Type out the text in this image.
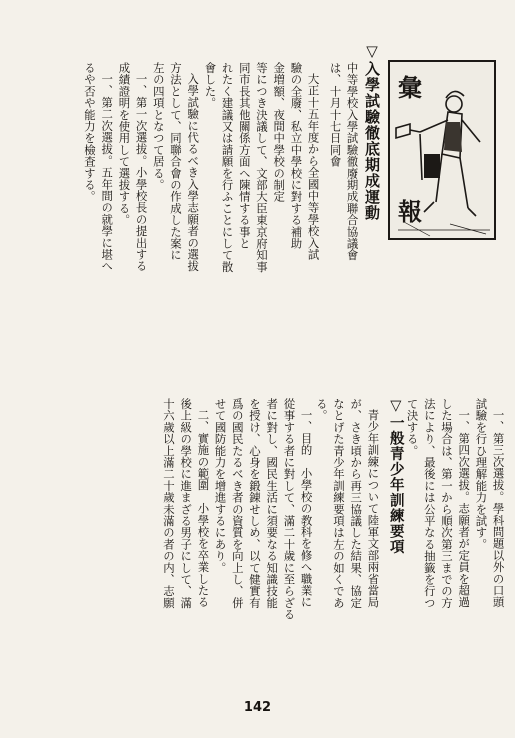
彙
報
142
▽入學試驗徹底期成運動
中等學校入學試驗徹廢期成聯合協議會
は、十月十七日同會
大正十五年度から全國中等學校入試
驗の全廢、私立中學校に對する補助
金増額、夜間中學校の制定
等につき決議して、文部大臣東京府知事
同市長其他關係方面へ陳情する事と
れたく建議又は請願を行ふことにして散
會した。
入學試驗に代るべき入學志願者の選拔
方法として、同聯合會の作成した案に
左の四項となつて居る。
一、第一次選拔。小學校長の提出する
成績證明を使用して選拔する。
一、第二次選拔。五年間の就學に堪へ
るや否や能力を檢査する。
一、目的　小學校の教科を修へ職業に
從事する者に對して、滿二十歲に至らざる
者に對し、國民生活に須要なる知識技能
を授け、心身を鍛錬せしめ、以て健實有
爲の國民たるべき者の資質を向上し、併
せて國防能力を增進するにあり。
二、實施の範圍　小學校を卒業したる
後上級の學校に進まざる男子にして、滿
十六歲以上滿二十歲未滿の者の内、志願	一、第三次選拔。學科問題以外の口頭
試驗を行ひ理解能力を試す。
一、第四次選拔。志願者が定員を超過
した場合は、第一から順次第三までの方
法により、最後には公平なる抽籤を行つ
て決する。
▽一般青少年訓練要項
青少年訓練について陸軍文部兩省當局
が、さき頃から再三協議した結果、協定
なとげた青少年訓練要項は左の如くであ
る。
